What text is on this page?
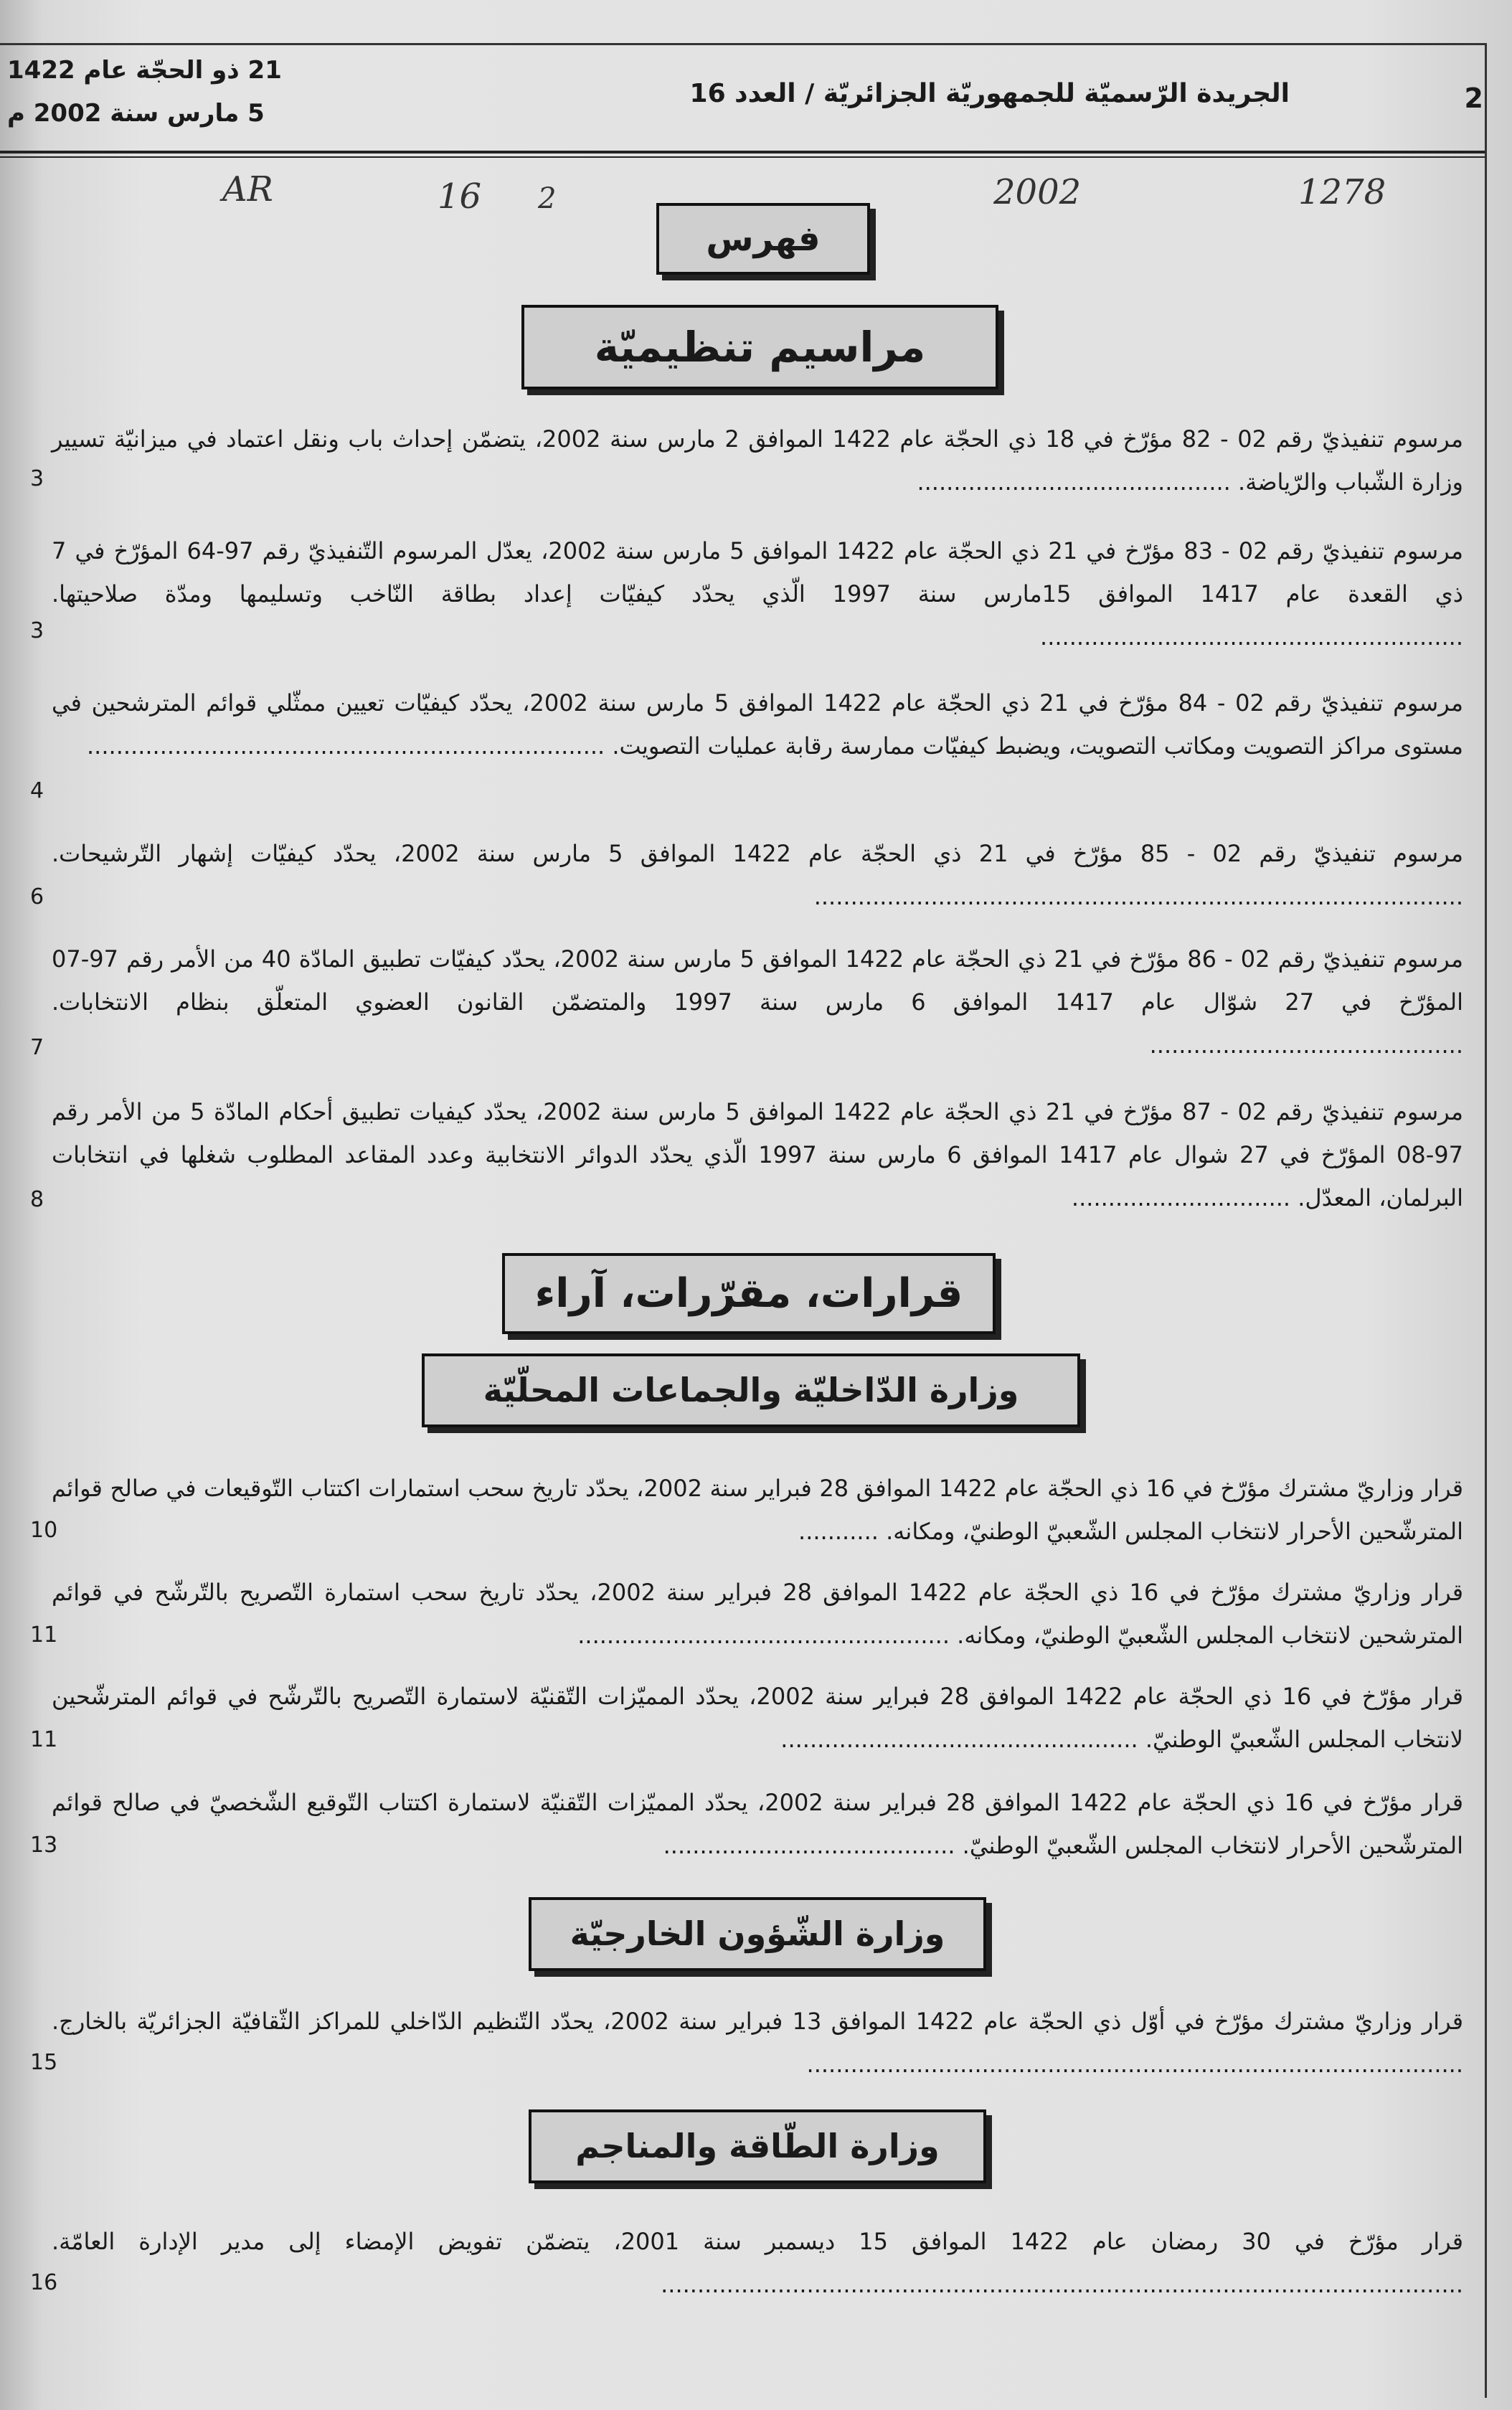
2
الجريدة الرّسميّة للجمهوريّة الجزائريّة / العدد 16
21 ذو الحجّة عام 1422
5 مارس سنة 2002 م
AR	16 2	2002	1278
فهرس
مراسيم تنظيميّة
مرسوم تنفيذيّ رقم 02 - 82 مؤرّخ في 18 ذي الحجّة عام 1422 الموافق 2 مارس سنة 2002، يتضمّن إحداث باب ونقل اعتماد في ميزانيّة تسيير وزارة الشّباب والرّياضة. ...........................................
3
مرسوم تنفيذيّ رقم 02 - 83 مؤرّخ في 21 ذي الحجّة عام 1422 الموافق 5 مارس سنة 2002، يعدّل المرسوم التّنفيذيّ رقم 97-64 المؤرّخ في 7 ذي القعدة عام 1417 الموافق 15مارس سنة 1997 الّذي يحدّد كيفيّات إعداد بطاقة النّاخب وتسليمها ومدّة صلاحيتها. ..........................................................
3
مرسوم تنفيذيّ رقم 02 - 84 مؤرّخ في 21 ذي الحجّة عام 1422 الموافق 5 مارس سنة 2002، يحدّد كيفيّات تعيين ممثّلي قوائم المترشحين في مستوى مراكز التصويت ومكاتب التصويت، ويضبط كيفيّات ممارسة رقابة عمليات التصويت. .......................................................................
4
مرسوم تنفيذيّ رقم 02 - 85 مؤرّخ في 21 ذي الحجّة عام 1422 الموافق 5 مارس سنة 2002، يحدّد كيفيّات إشهار التّرشيحات. .........................................................................................
6
مرسوم تنفيذيّ رقم 02 - 86 مؤرّخ في 21 ذي الحجّة عام 1422 الموافق 5 مارس سنة 2002، يحدّد كيفيّات تطبيق المادّة 40 من الأمر رقم 97-07 المؤرّخ في 27 شوّال عام 1417 الموافق 6 مارس سنة 1997 والمتضمّن القانون العضوي المتعلّق بنظام الانتخابات. ...........................................
7
مرسوم تنفيذيّ رقم 02 - 87 مؤرّخ في 21 ذي الحجّة عام 1422 الموافق 5 مارس سنة 2002، يحدّد كيفيات تطبيق أحكام المادّة 5 من الأمر رقم 97-08 المؤرّخ في 27 شوال عام 1417 الموافق 6 مارس سنة 1997 الّذي يحدّد الدوائر الانتخابية وعدد المقاعد المطلوب شغلها في انتخابات البرلمان، المعدّل. ..............................
8
قرارات، مقرّرات، آراء
وزارة الدّاخليّة والجماعات المحلّيّة
قرار وزاريّ مشترك مؤرّخ في 16 ذي الحجّة عام 1422 الموافق 28 فبراير سنة 2002، يحدّد تاريخ سحب استمارات اكتتاب التّوقيعات في صالح قوائم المترشّحين الأحرار لانتخاب المجلس الشّعبيّ الوطنيّ، ومكانه. ...........
10
قرار وزاريّ مشترك مؤرّخ في 16 ذي الحجّة عام 1422 الموافق 28 فبراير سنة 2002، يحدّد تاريخ سحب استمارة التّصريح بالتّرشّح في قوائم المترشحين لانتخاب المجلس الشّعبيّ الوطنيّ، ومكانه. ...................................................
11
قرار مؤرّخ في 16 ذي الحجّة عام 1422 الموافق 28 فبراير سنة 2002، يحدّد المميّزات التّقنيّة لاستمارة التّصريح بالتّرشّح في قوائم المترشّحين لانتخاب المجلس الشّعبيّ الوطنيّ. .................................................
11
قرار مؤرّخ في 16 ذي الحجّة عام 1422 الموافق 28 فبراير سنة 2002، يحدّد المميّزات التّقنيّة لاستمارة اكتتاب التّوقيع الشّخصيّ في صالح قوائم المترشّحين الأحرار لانتخاب المجلس الشّعبيّ الوطنيّ. ........................................
13
وزارة الشّؤون الخارجيّة
قرار وزاريّ مشترك مؤرّخ في أوّل ذي الحجّة عام 1422 الموافق 13 فبراير سنة 2002، يحدّد التّنظيم الدّاخلي للمراكز الثّقافيّة الجزائريّة بالخارج. ..........................................................................................
15
وزارة الطّاقة والمناجم
قرار مؤرّخ في 30 رمضان عام 1422 الموافق 15 ديسمبر سنة 2001، يتضمّن تفويض الإمضاء إلى مدير الإدارة العامّة. ..............................................................................................................
16
